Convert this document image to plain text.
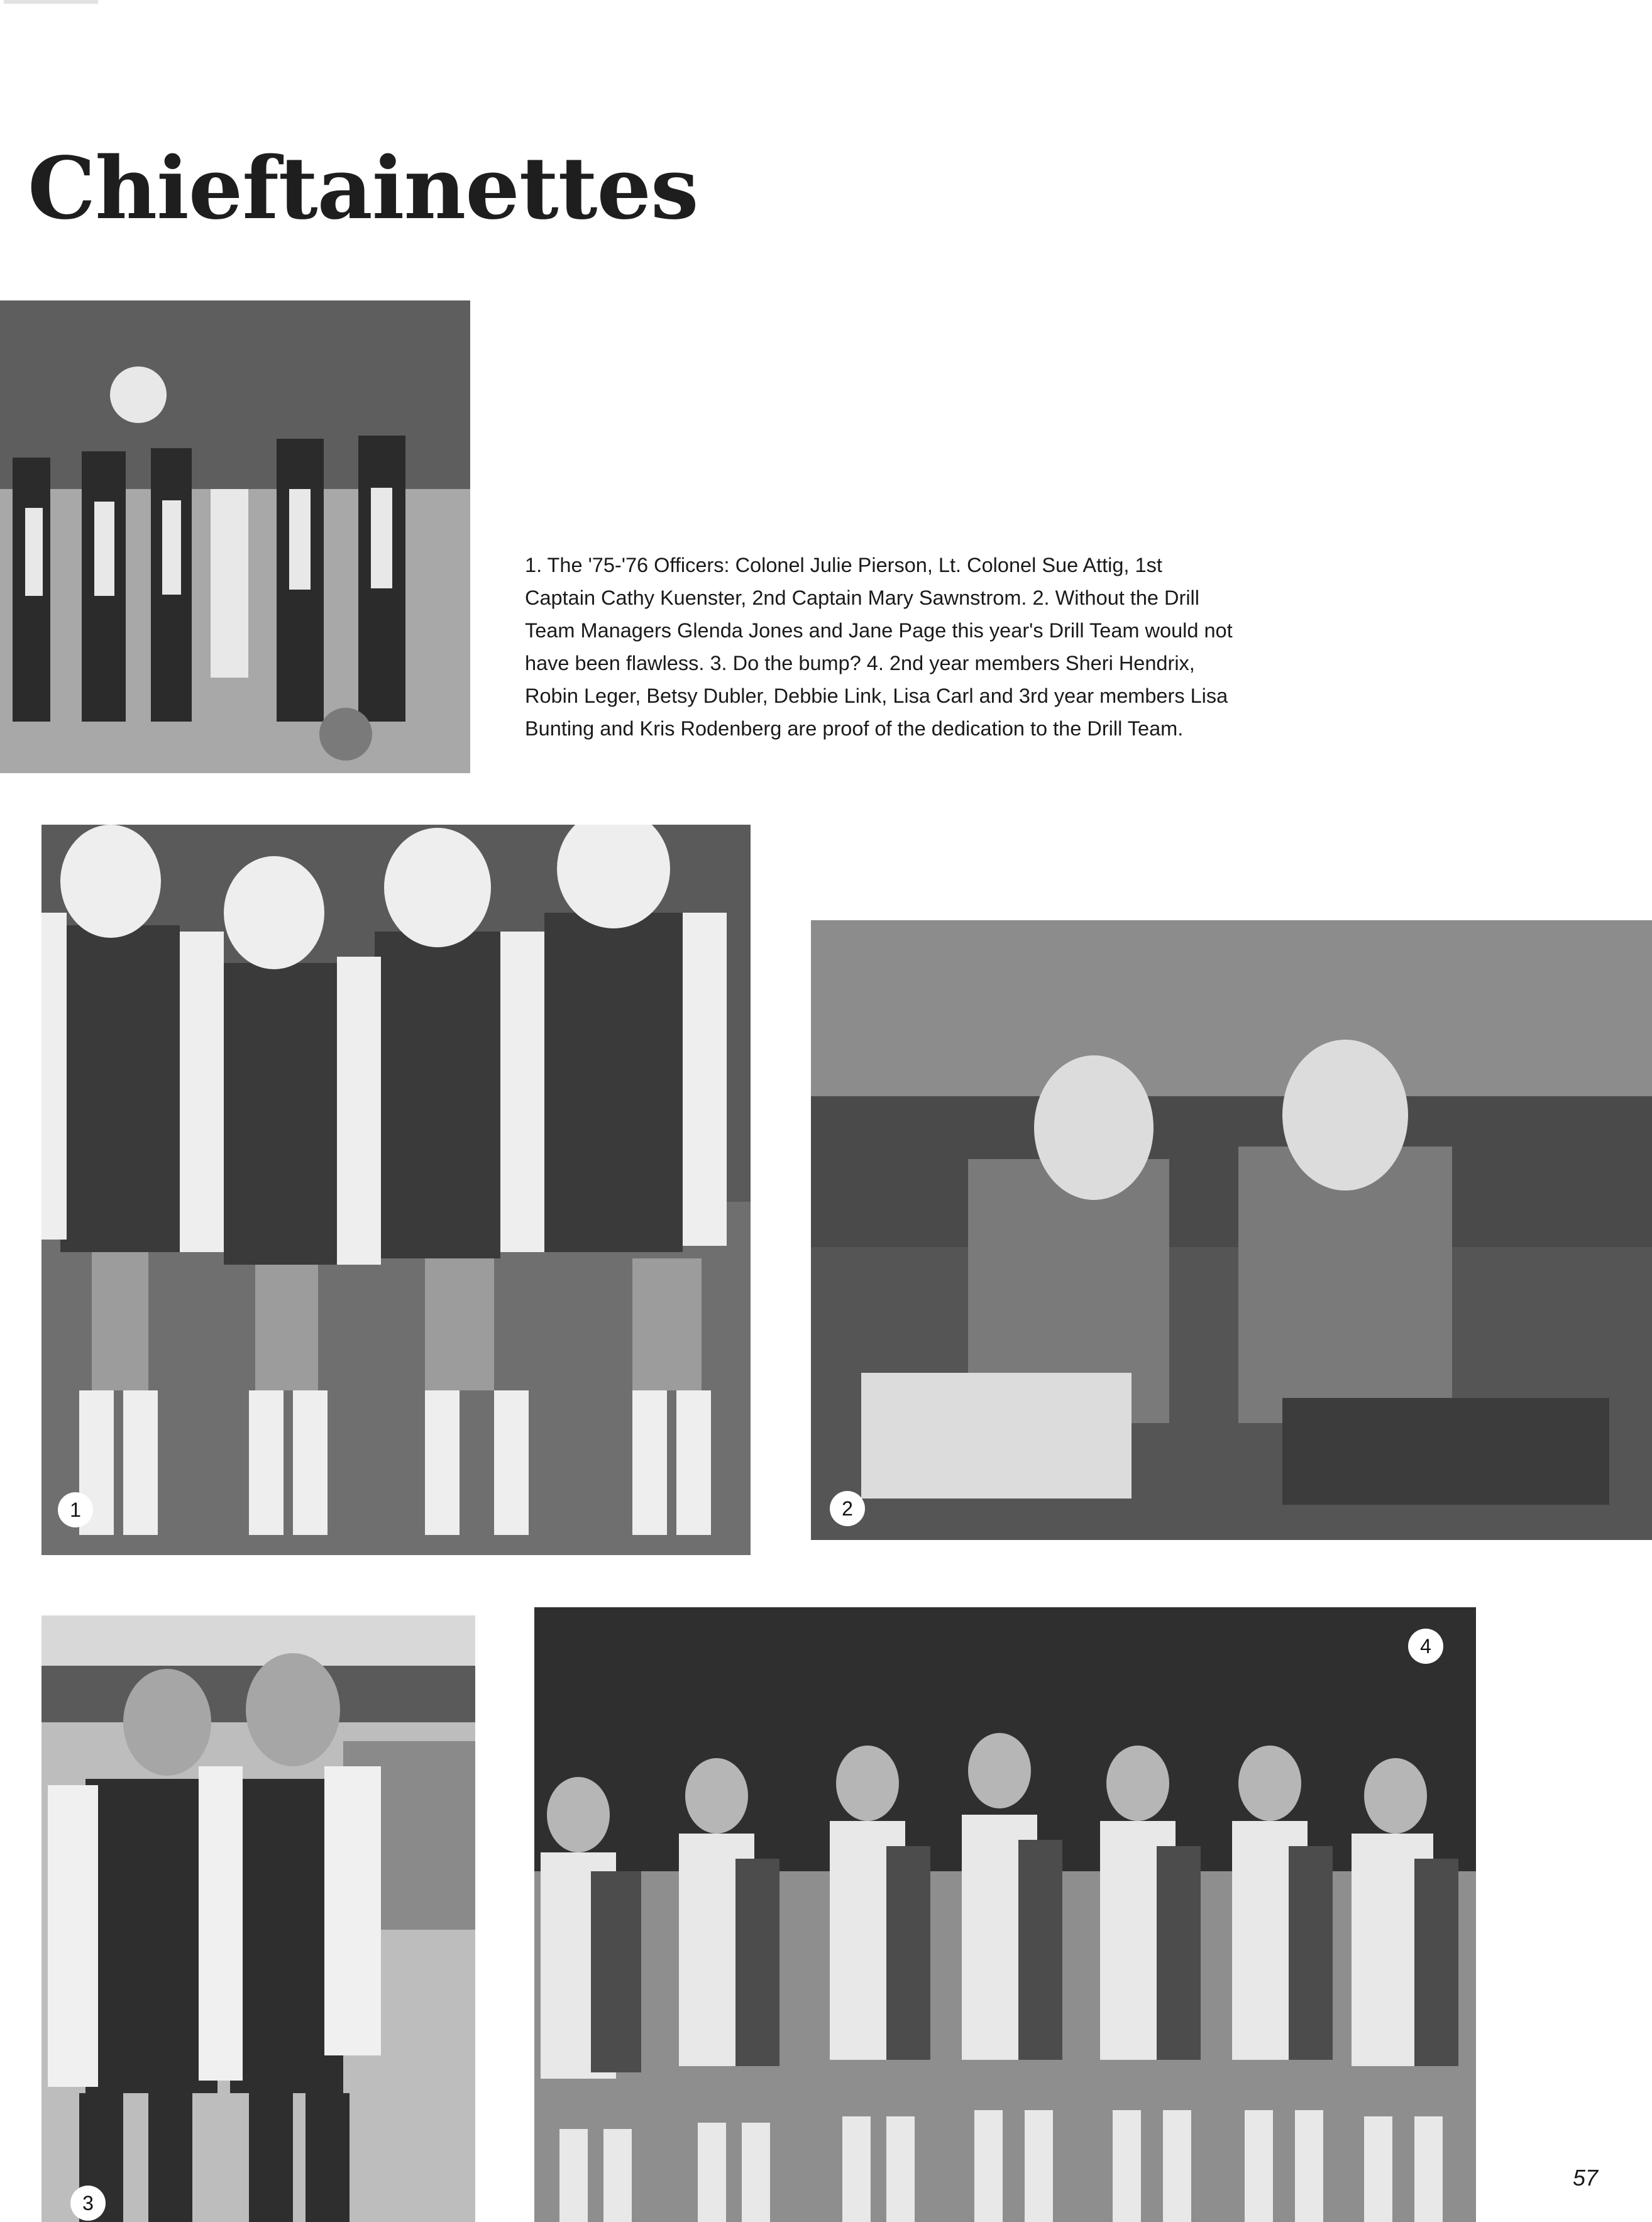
Chieftainettes

1. The '75-'76 Officers: Colonel Julie Pierson, Lt. Colonel Sue Attig, 1st Captain Cathy Kuenster, 2nd Captain Mary Sawnstrom. 2. Without the Drill Team Managers Glenda Jones and Jane Page this year's Drill Team would not have been flawless. 3. Do the bump? 4. 2nd year members Sheri Hendrix, Robin Leger, Betsy Dubler, Debbie Link, Lisa Carl and 3rd year members Lisa Bunting and Kris Rodenberg are proof of the dedication to the Drill Team.

1	2
3
4
57
